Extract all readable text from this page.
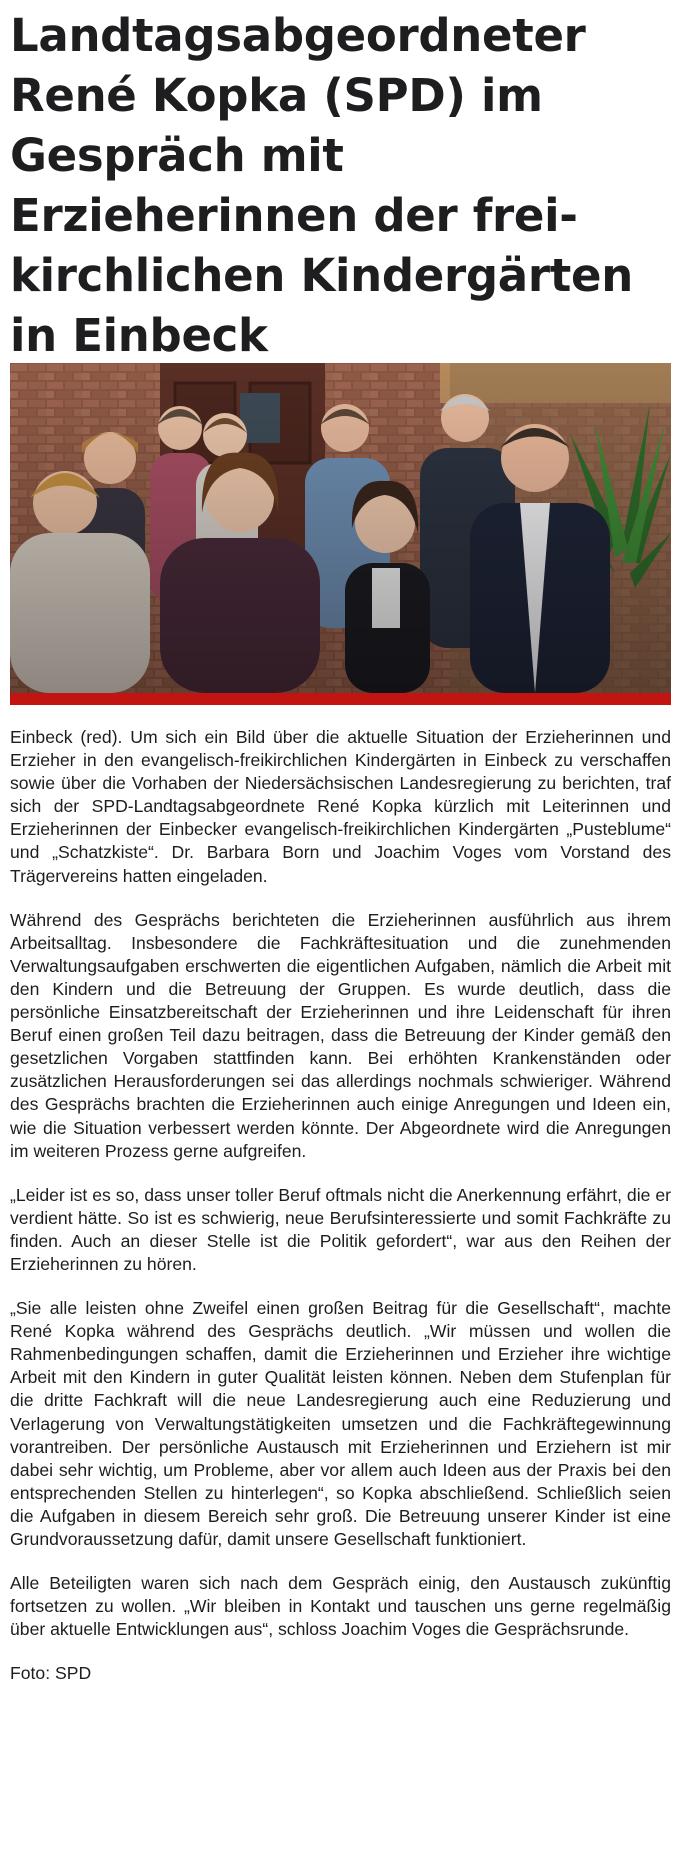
Landtagsabgeordneter René Kopka (SPD) im Gespräch mit Erzieherinnen der freikirchlichen Kindergärten in Einbeck

Einbeck (red). Um sich ein Bild über die aktuelle Situation der Erzieherinnen und Erzieher in den evangelisch-freikirchlichen Kindergärten in Einbeck zu verschaffen sowie über die Vorhaben der Niedersächsischen Landesregierung zu berichten, traf sich der SPD-Landtagsabgeordnete René Kopka kürzlich mit Leiterinnen und Erzieherinnen der Einbecker evangelisch-freikirchlichen Kindergärten „Pusteblume“ und „Schatzkiste“. Dr. Barbara Born und Joachim Voges vom Vorstand des Trägervereins hatten eingeladen.

Während des Gesprächs berichteten die Erzieherinnen ausführlich aus ihrem Arbeitsalltag. Insbesondere die Fachkräftesituation und die zunehmenden Verwaltungsaufgaben erschwerten die eigentlichen Aufgaben, nämlich die Arbeit mit den Kindern und die Betreuung der Gruppen. Es wurde deutlich, dass die persönliche Einsatzbereitschaft der Erzieherinnen und ihre Leidenschaft für ihren Beruf einen großen Teil dazu beitragen, dass die Betreuung der Kinder gemäß den gesetzlichen Vorgaben stattfinden kann. Bei erhöhten Krankenständen oder zusätzlichen Herausforderungen sei das allerdings nochmals schwieriger. Während des Gesprächs brachten die Erzieherinnen auch einige Anregungen und Ideen ein, wie die Situation verbessert werden könnte. Der Abgeordnete wird die Anregungen im weiteren Prozess gerne aufgreifen.

„Leider ist es so, dass unser toller Beruf oftmals nicht die Anerkennung erfährt, die er verdient hätte. So ist es schwierig, neue Berufsinteressierte und somit Fachkräfte zu finden. Auch an dieser Stelle ist die Politik gefordert“, war aus den Reihen der Erzieherinnen zu hören.

„Sie alle leisten ohne Zweifel einen großen Beitrag für die Gesellschaft“, machte René Kopka während des Gesprächs deutlich. „Wir müssen und wollen die Rahmenbedingungen schaffen, damit die Erzieherinnen und Erzieher ihre wichtige Arbeit mit den Kindern in guter Qualität leisten können. Neben dem Stufenplan für die dritte Fachkraft will die neue Landesregierung auch eine Reduzierung und Verlagerung von Verwaltungstätigkeiten umsetzen und die Fachkräftegewinnung vorantreiben. Der persönliche Austausch mit Erzieherinnen und Erziehern ist mir dabei sehr wichtig, um Probleme, aber vor allem auch Ideen aus der Praxis bei den entsprechenden Stellen zu hinterlegen“, so Kopka abschließend. Schließlich seien die Aufgaben in diesem Bereich sehr groß. Die Betreuung unserer Kinder ist eine Grundvoraussetzung dafür, damit unsere Gesellschaft funktioniert.

Alle Beteiligten waren sich nach dem Gespräch einig, den Austausch zukünftig fortsetzen zu wollen. „Wir bleiben in Kontakt und tauschen uns gerne regelmäßig über aktuelle Entwicklungen aus“, schloss Joachim Voges die Gesprächsrunde.

Foto: SPD
